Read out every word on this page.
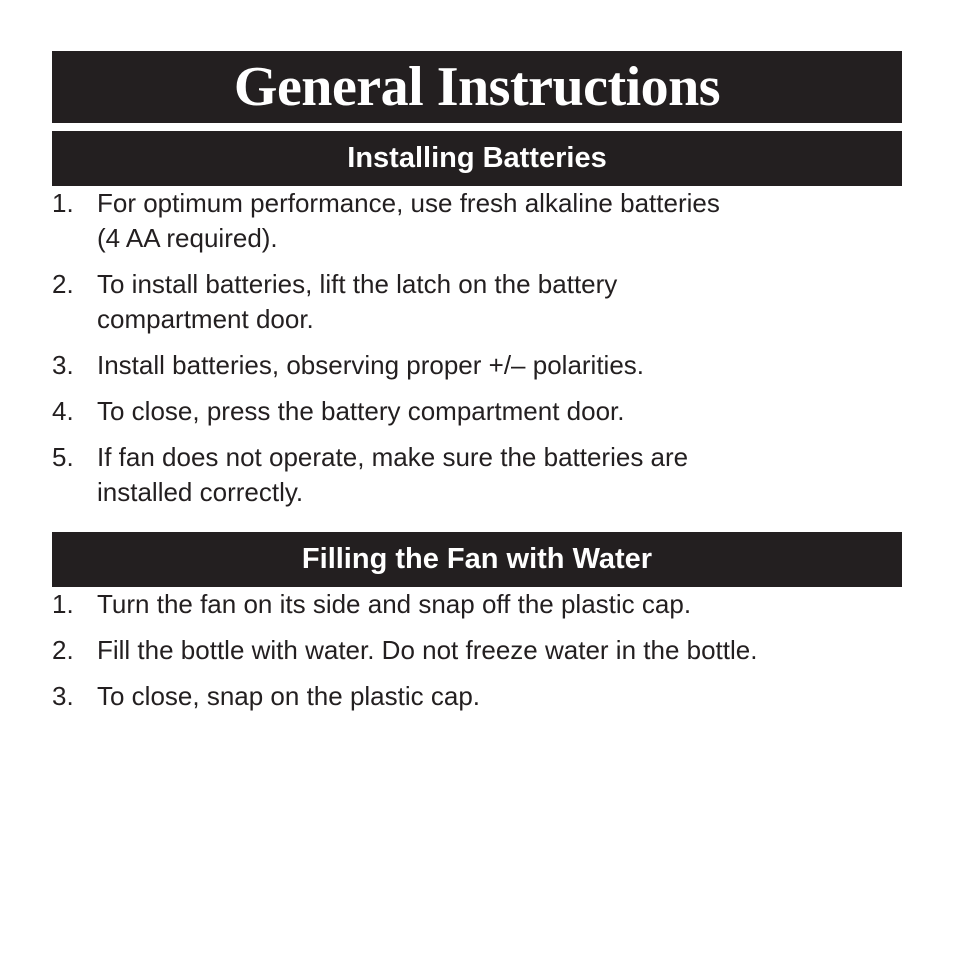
General Instructions
Installing Batteries
1. For optimum performance, use fresh alkaline batteries
(4 AA required).
2. To install batteries, lift the latch on the battery
compartment door.
3. Install batteries, observing proper +/– polarities.
4. To close, press the battery compartment door.
5. If fan does not operate, make sure the batteries are
installed correctly.
Filling the Fan with Water
1. Turn the fan on its side and snap off the plastic cap.
2. Fill the bottle with water. Do not freeze water in the bottle.
3. To close, snap on the plastic cap.
